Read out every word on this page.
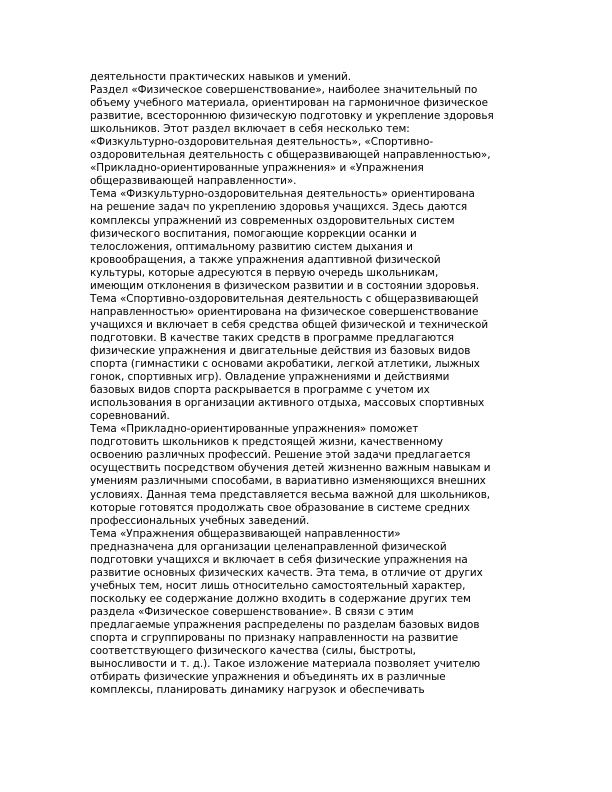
деятельности практических навыков и умений.
Раздел «Физическое совершенствование», наиболее значительный по
объему учебного материала, ориентирован на гармоничное физическое
развитие, всестороннюю физическую подготовку и укрепление здоровья
школьников. Этот раздел включает в себя несколько тем:
«Физкультурно-оздоровительная деятельность», «Спортивно-
оздоровительная деятельность с общеразвивающей направленностью»,
«Прикладно-ориентированные упражнения» и «Упражнения
общеразвивающей направленности».
Тема «Физкультурно-оздоровительная деятельность» ориентирована
на решение задач по укреплению здоровья учащихся. Здесь даются
комплексы упражнений из современных оздоровительных систем
физического воспитания, помогающие коррекции осанки и
телосложения, оптимальному развитию систем дыхания и
кровообращения, а также упражнения адаптивной физической
культуры, которые адресуются в первую очередь школьникам,
имеющим отклонения в физическом развитии и в состоянии здоровья.
Тема «Спортивно-оздоровительная деятельность с общеразвивающей
направленностью» ориентирована на физическое совершенствование
учащихся и включает в себя средства общей физической и технической
подготовки. В качестве таких средств в программе предлагаются
физические упражнения и двигательные действия из базовых видов
спорта (гимнастики с основами акробатики, легкой атлетики, лыжных
гонок, спортивных игр). Овладение упражнениями и действиями
базовых видов спорта раскрывается в программе с учетом их
использования в организации активного отдыха, массовых спортивных
соревнований.
Тема «Прикладно-ориентированные упражнения» поможет
подготовить школьников к предстоящей жизни, качественному
освоению различных профессий. Решение этой задачи предлагается
осуществить посредством обучения детей жизненно важным навыкам и
умениям различными способами, в вариативно изменяющихся внешних
условиях. Данная тема представляется весьма важной для школьников,
которые готовятся продолжать свое образование в системе средних
профессиональных учебных заведений.
Тема «Упражнения общеразвивающей направленности»
предназначена для организации целенаправленной физической
подготовки учащихся и включает в себя физические упражнения на
развитие основных физических качеств. Эта тема, в отличие от других
учебных тем, носит лишь относительно самостоятельный характер,
поскольку ее содержание должно входить в содержание других тем
раздела «Физическое совершенствование». В связи с этим
предлагаемые упражнения распределены по разделам базовых видов
спорта и сгруппированы по признаку направленности на развитие
соответствующего физического качества (силы, быстроты,
выносливости и т. д.). Такое изложение материала позволяет учителю
отбирать физические упражнения и объединять их в различные
комплексы, планировать динамику нагрузок и обеспечивать
